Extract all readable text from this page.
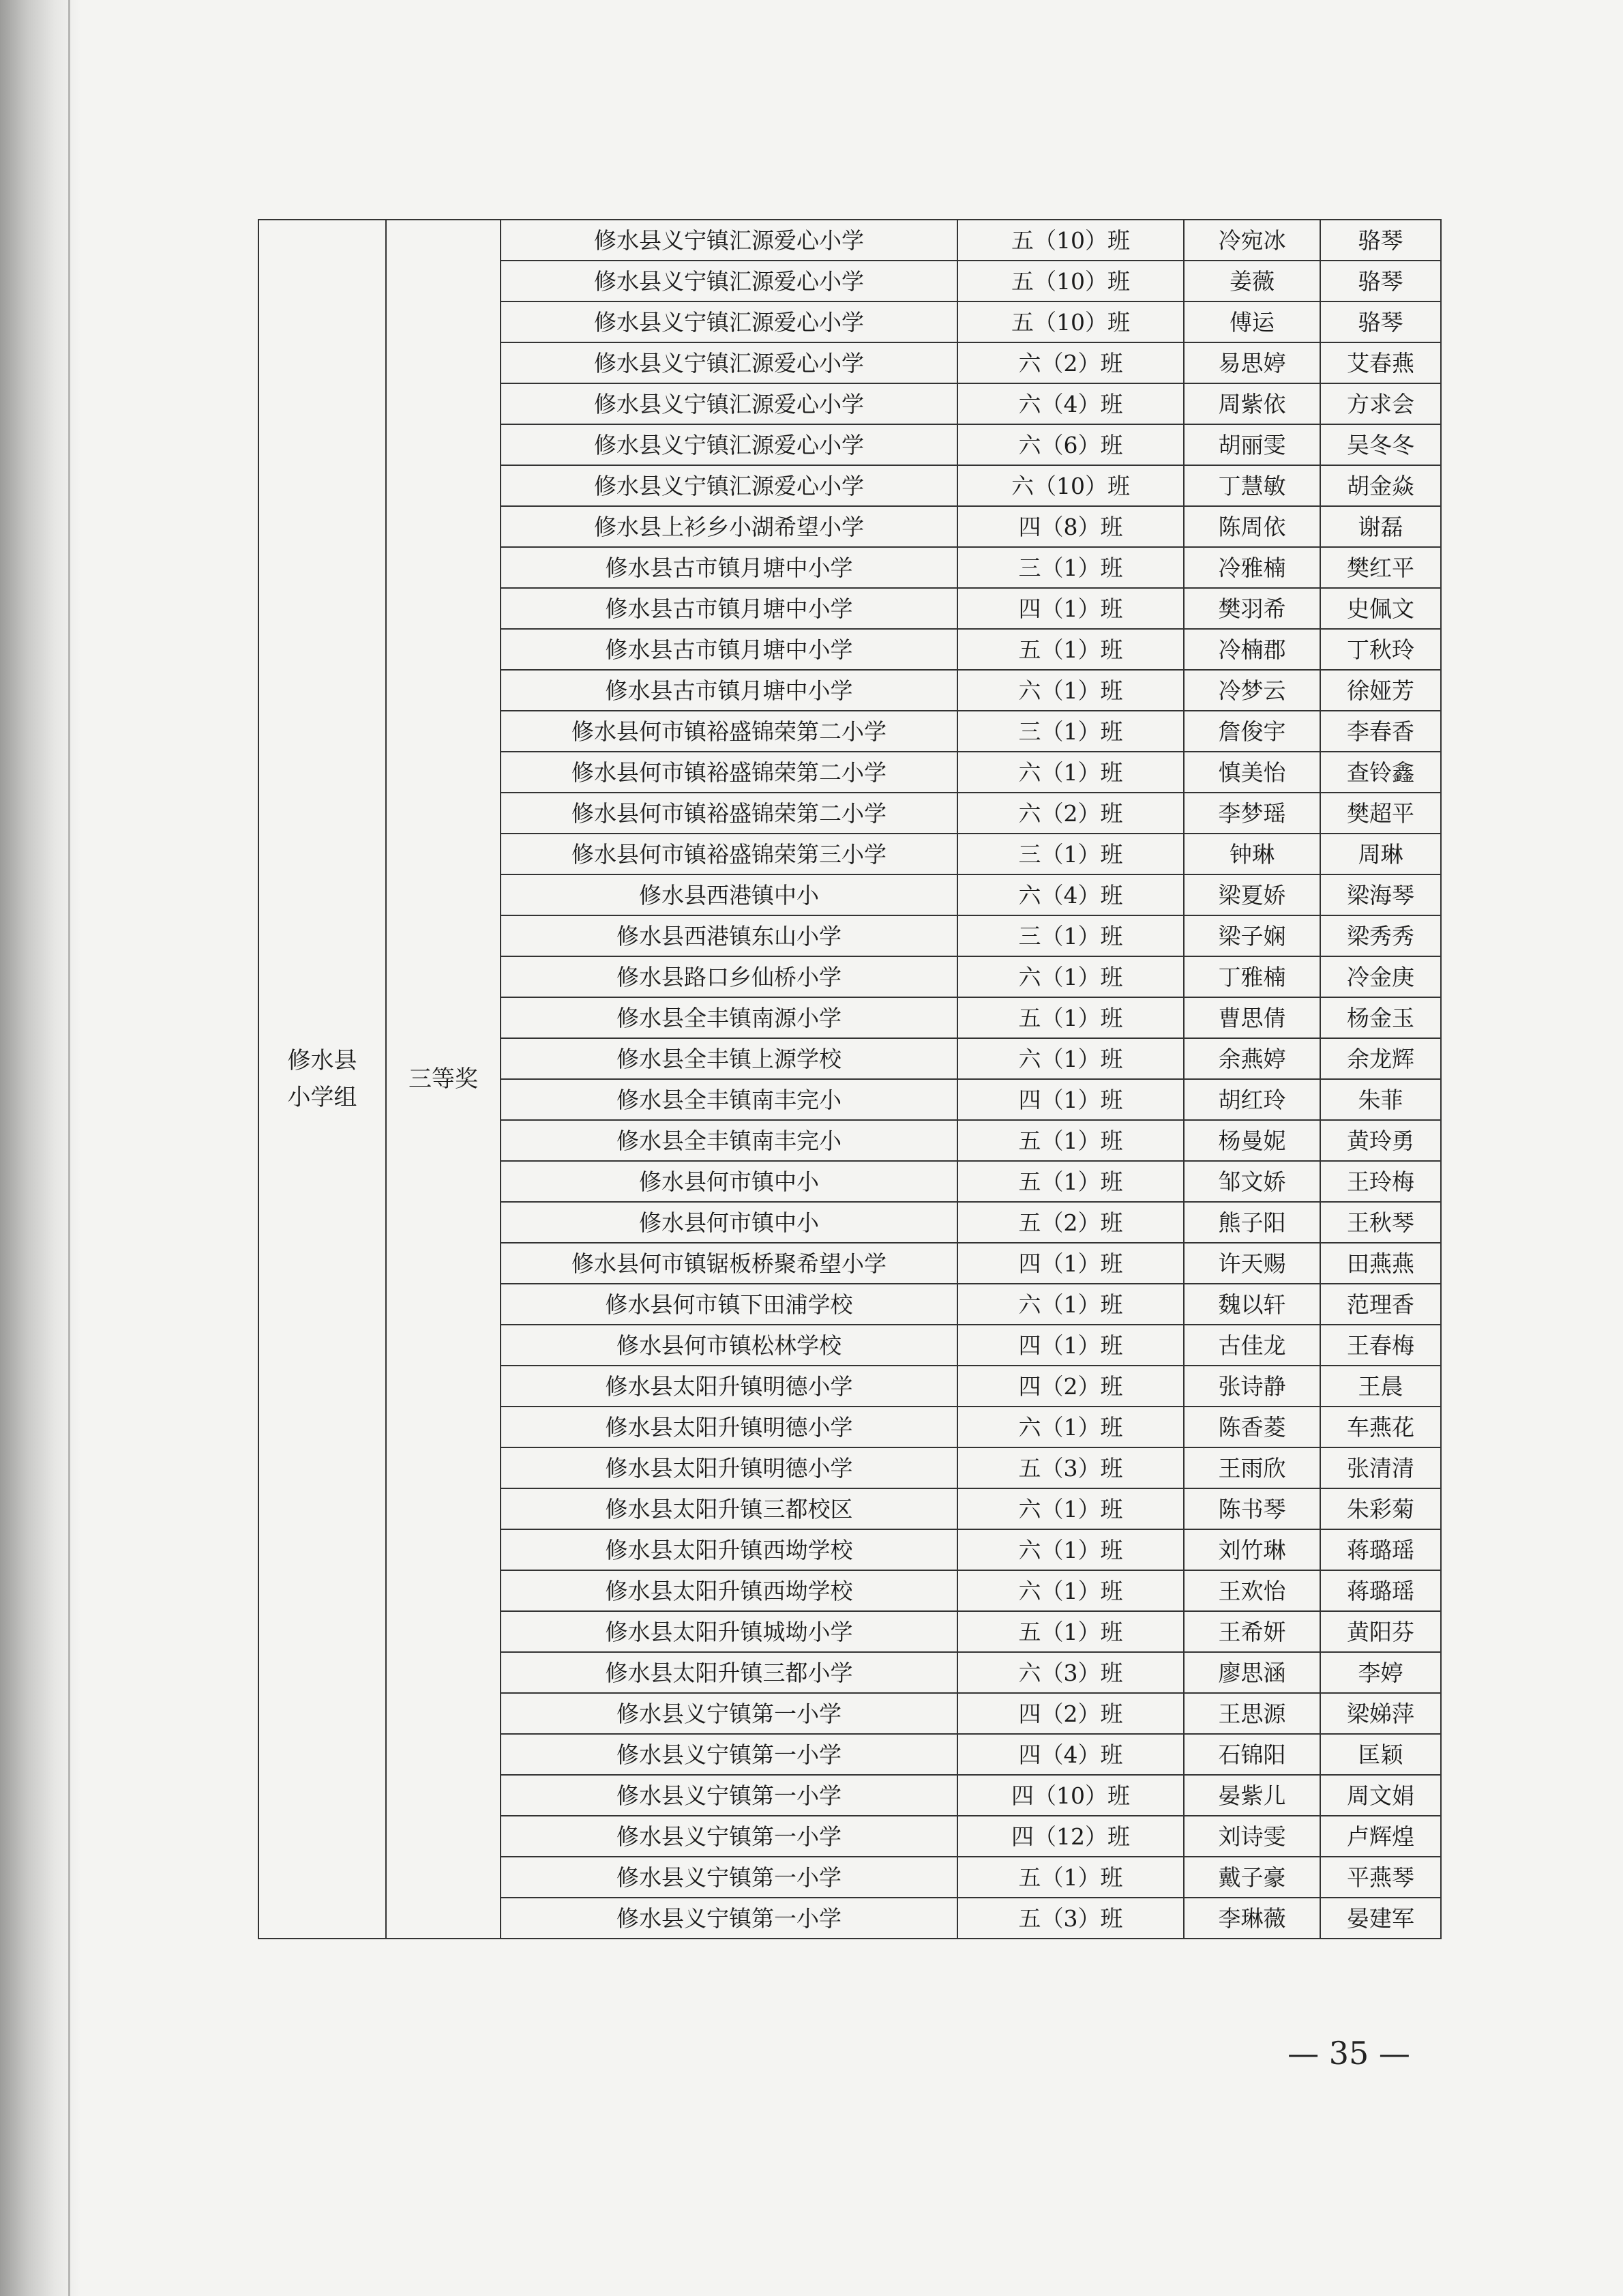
修水县
小学组	三等奖	修水县义宁镇汇源爱心小学	五（10）班	冷宛冰	骆琴
		修水县义宁镇汇源爱心小学	五（10）班	姜薇	骆琴
		修水县义宁镇汇源爱心小学	五（10）班	傅运	骆琴
		修水县义宁镇汇源爱心小学	六（2）班	易思婷	艾春燕
		修水县义宁镇汇源爱心小学	六（4）班	周紫依	方求会
		修水县义宁镇汇源爱心小学	六（6）班	胡丽雯	吴冬冬
		修水县义宁镇汇源爱心小学	六（10）班	丁慧敏	胡金焱
		修水县上衫乡小湖希望小学	四（8）班	陈周依	谢磊
		修水县古市镇月塘中小学	三（1）班	冷雅楠	樊红平
		修水县古市镇月塘中小学	四（1）班	樊羽希	史佩文
		修水县古市镇月塘中小学	五（1）班	冷楠郡	丁秋玲
		修水县古市镇月塘中小学	六（1）班	冷梦云	徐娅芳
		修水县何市镇裕盛锦荣第二小学	三（1）班	詹俊宇	李春香
		修水县何市镇裕盛锦荣第二小学	六（1）班	慎美怡	查铃鑫
		修水县何市镇裕盛锦荣第二小学	六（2）班	李梦瑶	樊超平
		修水县何市镇裕盛锦荣第三小学	三（1）班	钟琳	周琳
		修水县西港镇中小	六（4）班	梁夏娇	梁海琴
		修水县西港镇东山小学	三（1）班	梁子娴	梁秀秀
		修水县路口乡仙桥小学	六（1）班	丁雅楠	冷金庚
		修水县全丰镇南源小学	五（1）班	曹思倩	杨金玉
		修水县全丰镇上源学校	六（1）班	余燕婷	余龙辉
		修水县全丰镇南丰完小	四（1）班	胡红玲	朱菲
		修水县全丰镇南丰完小	五（1）班	杨曼妮	黄玲勇
		修水县何市镇中小	五（1）班	邹文娇	王玲梅
		修水县何市镇中小	五（2）班	熊子阳	王秋琴
		修水县何市镇锯板桥聚希望小学	四（1）班	许天赐	田燕燕
		修水县何市镇下田浦学校	六（1）班	魏以轩	范理香
		修水县何市镇松林学校	四（1）班	古佳龙	王春梅
		修水县太阳升镇明德小学	四（2）班	张诗静	王晨
		修水县太阳升镇明德小学	六（1）班	陈香菱	车燕花
		修水县太阳升镇明德小学	五（3）班	王雨欣	张清清
		修水县太阳升镇三都校区	六（1）班	陈书琴	朱彩菊
		修水县太阳升镇西坳学校	六（1）班	刘竹琳	蒋璐瑶
		修水县太阳升镇西坳学校	六（1）班	王欢怡	蒋璐瑶
		修水县太阳升镇城坳小学	五（1）班	王希妍	黄阳芬
		修水县太阳升镇三都小学	六（3）班	廖思涵	李婷
		修水县义宁镇第一小学	四（2）班	王思源	梁娣萍
		修水县义宁镇第一小学	四（4）班	石锦阳	匡颖
		修水县义宁镇第一小学	四（10）班	晏紫儿	周文娟
		修水县义宁镇第一小学	四（12）班	刘诗雯	卢辉煌
		修水县义宁镇第一小学	五（1）班	戴子豪	平燕琴
		修水县义宁镇第一小学	五（3）班	李琳薇	晏建军
— 35 —
